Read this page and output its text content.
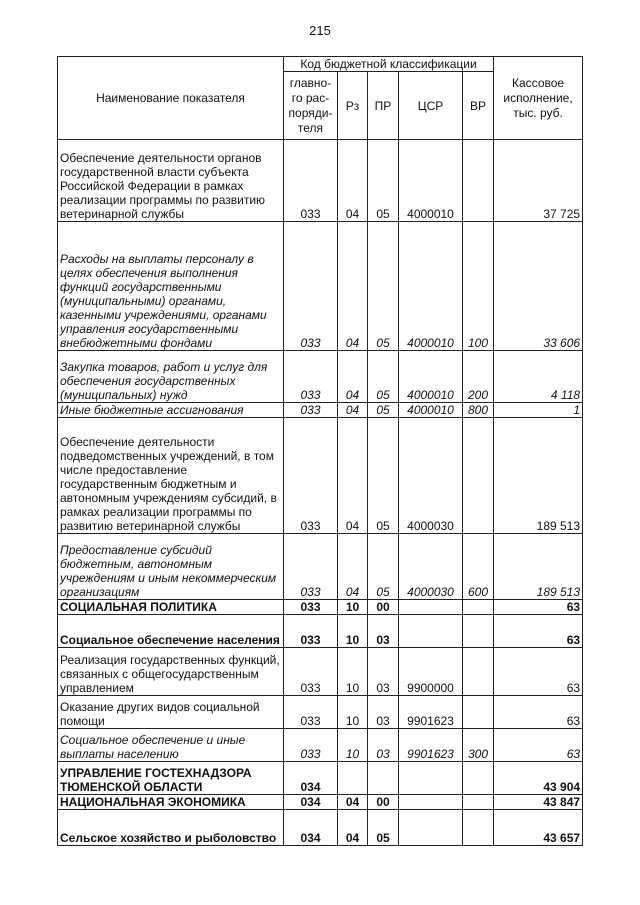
215
Наименование показателя	Код бюджетной классификации					Кассовое исполнение, тыс. руб.
	главно-го рас-поряди-теля	Рз	ПР	ЦСР	ВР	
Обеспечение деятельности органов государственной власти субъекта Российской Федерации в рамках реализации программы по развитию ветеринарной службы	033	04	05	4000010		37 725
Расходы на выплаты персоналу в целях обеспечения выполнения функций государственными (муниципальными) органами, казенными учреждениями, органами управления государственными внебюджетными фондами	033	04	05	4000010	100	33 606
Закупка товаров, работ и услуг для обеспечения государственных (муниципальных) нужд	033	04	05	4000010	200	4 118
Иные бюджетные ассигнования	033	04	05	4000010	800	1
Обеспечение деятельности подведомственных учреждений, в том числе предоставление государственным бюджетным и автономным учреждениям субсидий, в рамках реализации программы по развитию ветеринарной службы	033	04	05	4000030		189 513
Предоставление субсидий бюджетным, автономным учреждениям и иным некоммерческим организациям	033	04	05	4000030	600	189 513
СОЦИАЛЬНАЯ ПОЛИТИКА	033	10	00			63
Социальное обеспечение населения	033	10	03			63
Реализация государственных функций, связанных с общегосударственным управлением	033	10	03	9900000		63
Оказание других видов социальной помощи	033	10	03	9901623		63
Социальное обеспечение и иные выплаты населению	033	10	03	9901623	300	63
УПРАВЛЕНИЕ ГОСТЕХНАДЗОРА ТЮМЕНСКОЙ ОБЛАСТИ	034					43 904
НАЦИОНАЛЬНАЯ ЭКОНОМИКА	034	04	00			43 847
Сельское хозяйство и рыболовство	034	04	05			43 657
